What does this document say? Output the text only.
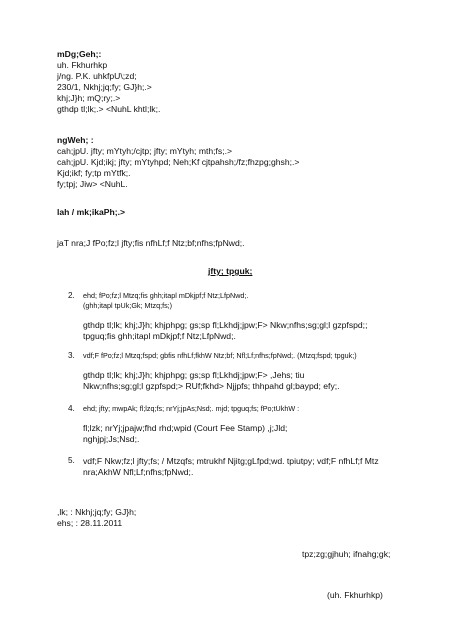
mDg;Geh;:
uh. Fkhurhkp
j/ng. P.K. uhkfpU\;zd;
230/1, Nkhj;jq;fy; GJ}h;.>
khj;J}h; mQ;ry;.>
gthdp tl;lk;.> <NuhL khtl;lk;.
ngWeh; :
cah;jpU. jfty; mYtyh;/cjtp; jfty; mYtyh; mth;fs;.>
cah;jpU. Kjd;ikj; jfty; mYtyhpd; Neh;Kf cjtpahsh;/fz;fhzpg;ghsh;.>
Kjd;ikf; fy;tp mYtfk;.
fy;tpj; Jiw> <NuhL.
lah / mk;ikaPh;.>
jaT nra;J fPo;fz;l jfty;fis nfhLf;f Ntz;bf;nfhs;fpNwd;.
jfty; tpguk;
2. ehd; fPo;fz;l Mtzq;fis ghh;itapl mDkjpf;f Ntz;LfpNwd;.
(ghh;itapl tpUk;Gk; Mtzq;fs;)
gthdp tl;lk; khj;J}h; khjphpg; gs;sp fl;Lkhdj;jpw;F> Nkw;nfhs;sg;gl;l gzpfspd;;
tpguq;fis ghh;itapl mDkjpf;f Ntz;LfpNwd;.
3. vdf;F fPo;fz;l Mtzq;fspd; gbfis nfhLf;fkhW Ntz;bf; Nfl;Lf;nfhs;fpNwd;. (Mtzq;fspd; tpguk;)
gthdp tl;lk; khj;J}h; khjphpg; gs;sp fl;Lkhdj;jpw;F> ,Jehs; tiu
Nkw;nfhs;sg;gl;l gzpfspd;> RUf;fkhd> Njjpfs; thhpahd gl;baypd; efy;.
4. ehd; jfty; mwpAk; fl;lzq;fs; nrYj;jpAs;Nsd;. mjd; tpguq;fs; fPo;tUkhW :
fl;lzk; nrYj;jpajw;fhd rhd;wpid (Court Fee Stamp) ,j;Jld;
nghjpj;Js;Nsd;.
5. vdf;F Nkw;fz;l jfty;fs; / Mtzqfs; mtrukhf Njitg;gLfpd;wd. tpiutpy; vdf;F nfhLf;f Mtz
nra;AkhW Nfl;Lf;nfhs;fpNwd;.
,lk; : Nkhj;jq;fy; GJ}h;
ehs; : 28.11.2011
tpz;zg;gjhuh; ifnahg;gk;
(uh. Fkhurhkp)
